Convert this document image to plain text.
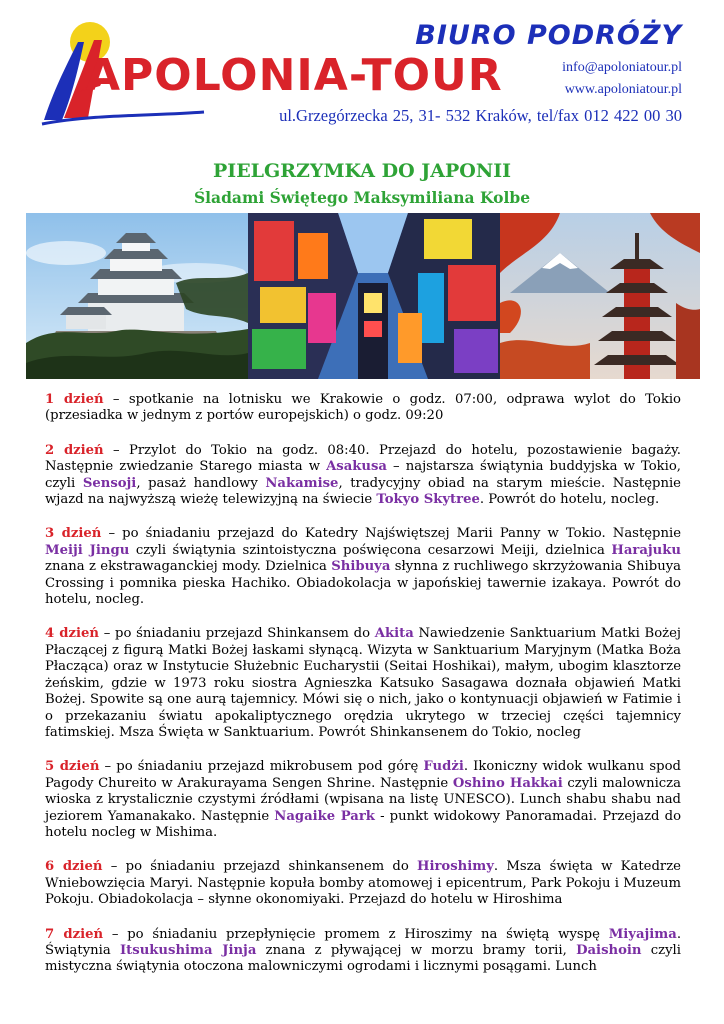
APOLONIA-TOUR
BIURO PODRÓŻY
info@apoloniatour.pl
www.apoloniatour.pl
ul.Grzegórzecka 25, 31- 532 Kraków, tel/fax 012 422 00 30
PIELGRZYMKA DO JAPONII
Śladami Świętego Maksymiliana Kolbe

1 dzień – spotkanie na lotnisku we Krakowie o godz. 07:00, odprawa wylot do Tokio (przesiadka w jednym z portów europejskich) o godz. 09:20

2 dzień – Przylot do Tokio na godz. 08:40. Przejazd do hotelu, pozostawienie bagaży. Następnie zwiedzanie Starego miasta w Asakusa – najstarsza świątynia buddyjska w Tokio, czyli Sensoji, pasaż handlowy Nakamise, tradycyjny obiad na starym mieście. Następnie wjazd na najwyższą wieżę telewizyjną na świecie Tokyo Skytree. Powrót do hotelu, nocleg.

3 dzień – po śniadaniu przejazd do Katedry Najświętszej Marii Panny w Tokio. Następnie Meiji Jingu czyli świątynia szintoistyczna poświęcona cesarzowi Meiji, dzielnica Harajuku znana z ekstrawaganckiej mody. Dzielnica Shibuya słynna z ruchliwego skrzyżowania Shibuya Crossing i pomnika pieska Hachiko. Obiadokolacja w japońskiej tawernie izakaya. Powrót do hotelu, nocleg.

4 dzień – po śniadaniu przejazd Shinkansem do Akita Nawiedzenie Sanktuarium Matki Bożej Płaczącej z figurą Matki Bożej łaskami słynącą. Wizyta w Sanktuarium Maryjnym (Matka Boża Płacząca) oraz w Instytucie Służebnic Eucharystii (Seitai Hoshikai), małym, ubogim klasztorze żeńskim, gdzie w 1973 roku siostra Agnieszka Katsuko Sasagawa doznała objawień Matki Bożej. Spowite są one aurą tajemnicy. Mówi się o nich, jako o kontynuacji objawień w Fatimie i o przekazaniu światu apokaliptycznego orędzia ukrytego w trzeciej części tajemnicy fatimskiej. Msza Święta w Sanktuarium. Powrót Shinkansenem do Tokio, nocleg

5 dzień – po śniadaniu przejazd mikrobusem pod górę Fudżi. Ikoniczny widok wulkanu spod Pagody Chureito w Arakurayama Sengen Shrine. Następnie Oshino Hakkai czyli malownicza wioska z krystalicznie czystymi źródłami (wpisana na listę UNESCO). Lunch shabu shabu nad jeziorem Yamanakako. Następnie Nagaike Park - punkt widokowy Panoramadai. Przejazd do hotelu nocleg w Mishima.

6 dzień – po śniadaniu przejazd shinkansenem do Hiroshimy. Msza święta w Katedrze Wniebowzięcia Maryi. Następnie kopuła bomby atomowej i epicentrum, Park Pokoju i Muzeum Pokoju. Obiadokolacja – słynne okonomiyaki. Przejazd do hotelu w Hiroshima

7 dzień – po śniadaniu przepłynięcie promem z Hiroszimy na świętą wyspę Miyajima. Świątynia Itsukushima Jinja znana z pływającej w morzu bramy torii, Daishoin czyli mistyczna świątynia otoczona malowniczymi ogrodami i licznymi posągami. Lunch
